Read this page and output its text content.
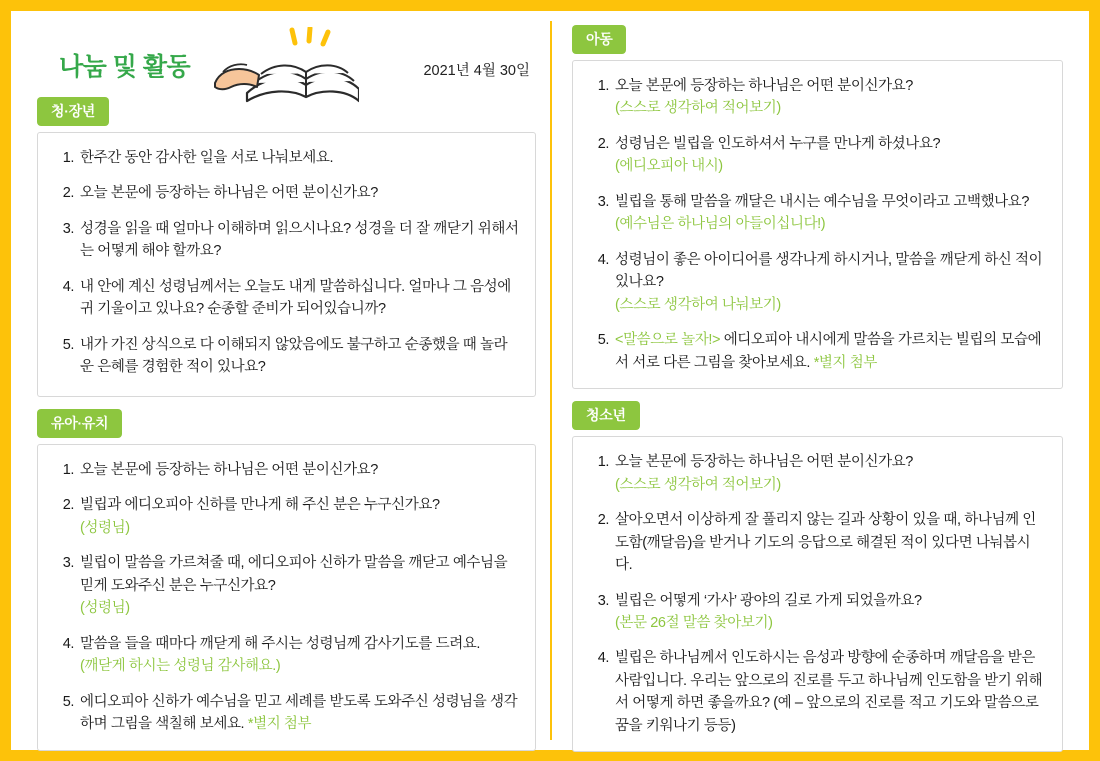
나눔 및 활동	2021년 4월 30일
청·장년
1. 한주간 동안 감사한 일을 서로 나눠보세요.
2. 오늘 본문에 등장하는 하나님은 어떤 분이신가요?
3. 성경을 읽을 때 얼마나 이해하며 읽으시나요? 성경을 더 잘 깨닫기 위해서는 어떻게 해야 할까요?
4. 내 안에 계신 성령님께서는 오늘도 내게 말씀하십니다. 얼마나 그 음성에 귀 기울이고 있나요? 순종할 준비가 되어있습니까?
5. 내가 가진 상식으로 다 이해되지 않았음에도 불구하고 순종했을 때 놀라운 은혜를 경험한 적이 있나요?
유아·유치
1. 오늘 본문에 등장하는 하나님은 어떤 분이신가요?
2. 빌립과 에디오피아 신하를 만나게 해 주신 분은 누구신가요?
(성령님)
3. 빌립이 말씀을 가르쳐줄 때, 에디오피아 신하가 말씀을 깨닫고 예수님을 믿게 도와주신 분은 누구신가요?
(성령님)
4. 말씀을 들을 때마다 깨닫게 해 주시는 성령님께 감사기도를 드려요.
(깨닫게 하시는 성령님 감사해요.)
5. 에디오피아 신하가 예수님을 믿고 세례를 받도록 도와주신 성령님을 생각하며 그림을 색칠해 보세요. *별지 첨부
아동
1. 오늘 본문에 등장하는 하나님은 어떤 분이신가요?
(스스로 생각하여 적어보기)
2. 성령님은 빌립을 인도하셔서 누구를 만나게 하셨나요?
(에디오피아 내시)
3. 빌립을 통해 말씀을 깨달은 내시는 예수님을 무엇이라고 고백했나요?
(예수님은 하나님의 아들이십니다!)
4. 성령님이 좋은 아이디어를 생각나게 하시거나, 말씀을 깨닫게 하신 적이 있나요?
(스스로 생각하여 나눠보기)
5. <말씀으로 놀자!> 에디오피아 내시에게 말씀을 가르치는 빌립의 모습에서 서로 다른 그림을 찾아보세요. *별지 첨부
청소년
1. 오늘 본문에 등장하는 하나님은 어떤 분이신가요?
(스스로 생각하여 적어보기)
2. 살아오면서 이상하게 잘 풀리지 않는 길과 상황이 있을 때, 하나님께 인도함(깨달음)을 받거나 기도의 응답으로 해결된 적이 있다면 나눠봅시다.
3. 빌립은 어떻게 ‘가사’ 광야의 길로 가게 되었을까요?
(본문 26절 말씀 찾아보기)
4. 빌립은 하나님께서 인도하시는 음성과 방향에 순종하며 깨달음을 받은 사람입니다. 우리는 앞으로의 진로를 두고 하나님께 인도함을 받기 위해서 어떻게 하면 좋을까요? (예 – 앞으로의 진로를 적고 기도와 말씀으로 꿈을 키워나기 등등)
